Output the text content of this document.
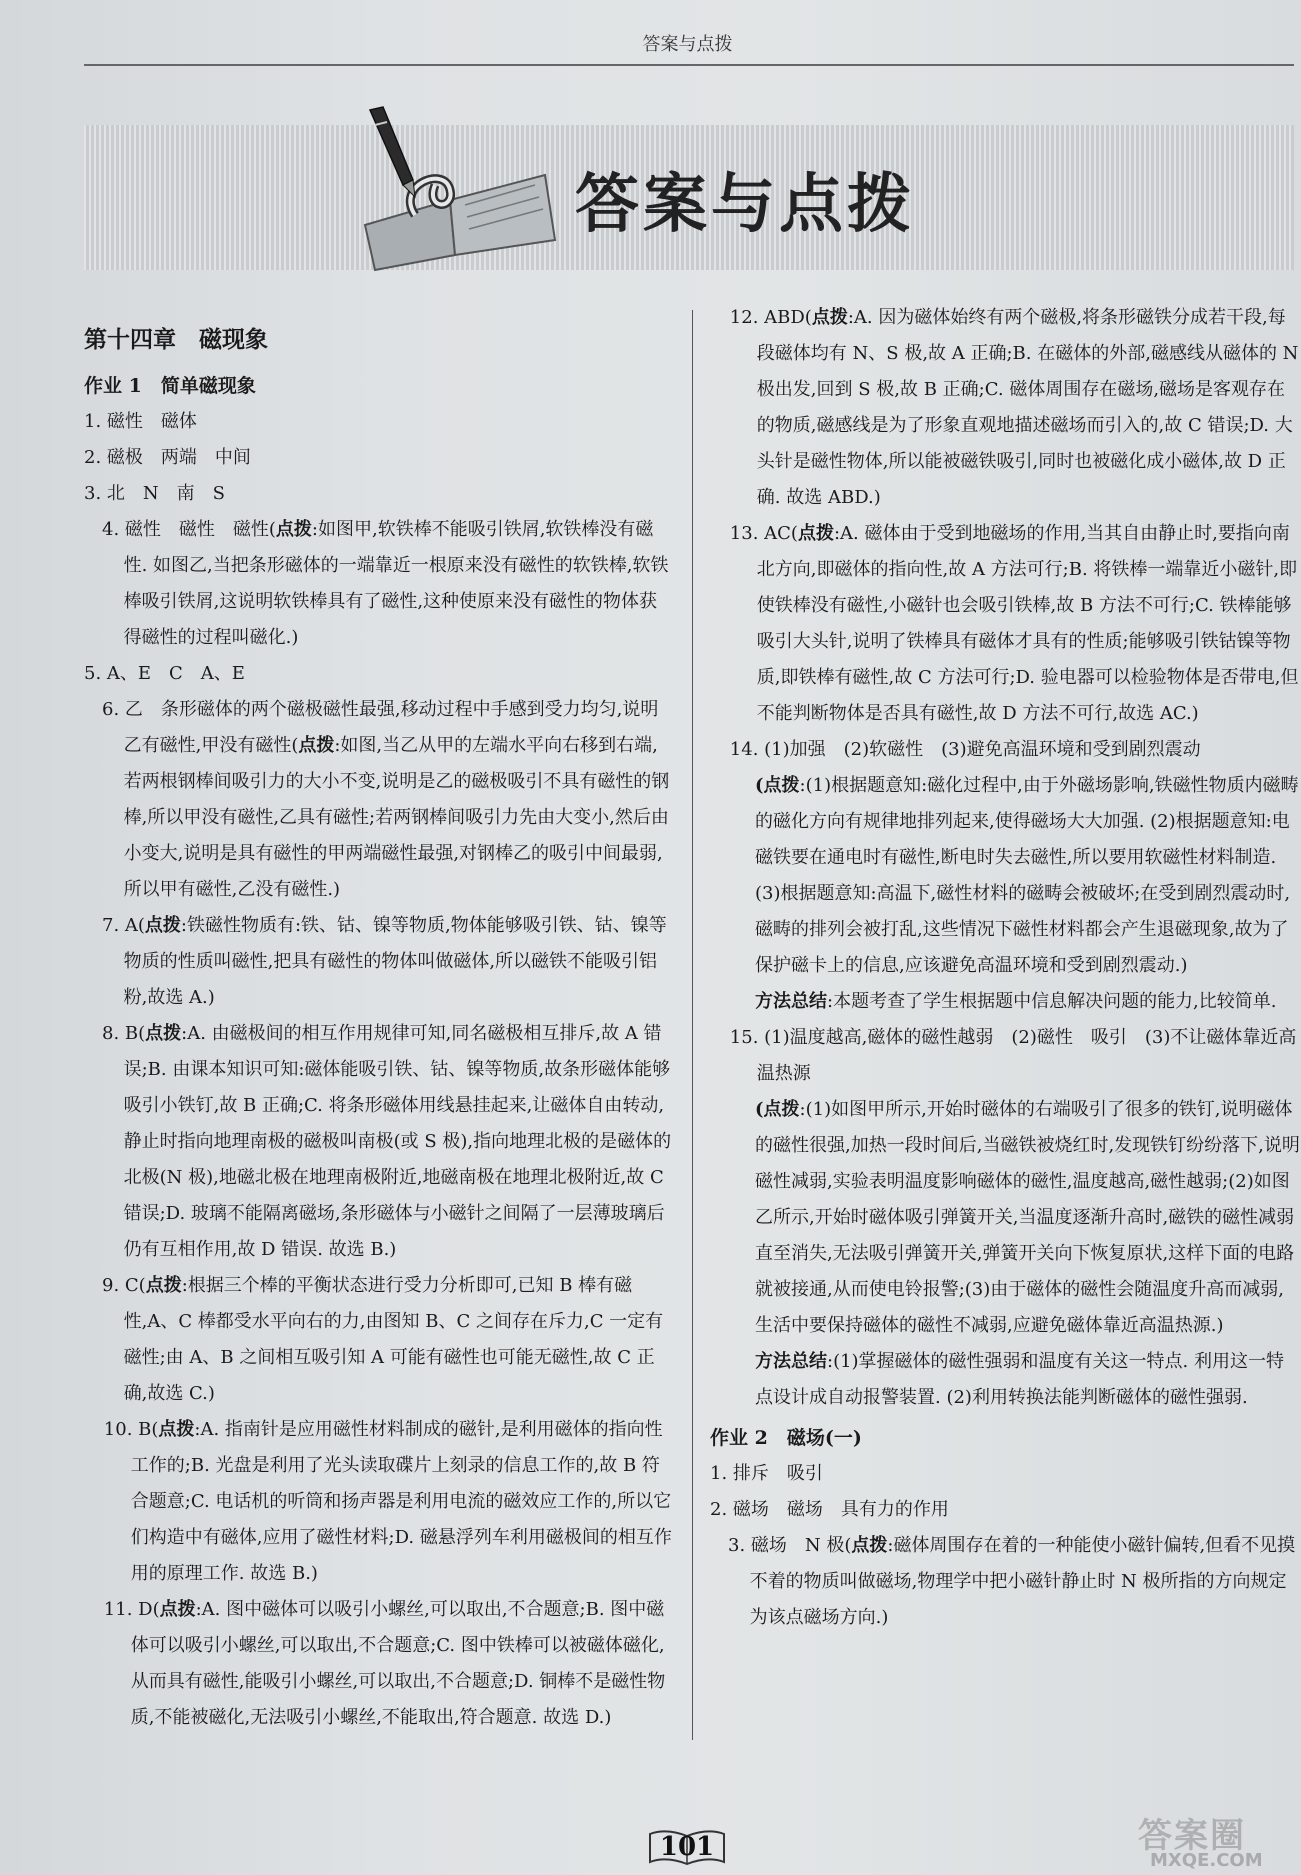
答案与点拨
答案与点拨
第十四章　磁现象
作业 1　简单磁现象
1. 磁性　磁体
2. 磁极　两端　中间
3. 北　N　南　S
4. 磁性　磁性　磁性(点拨:如图甲,软铁棒不能吸引铁屑,软铁棒没有磁性. 如图乙,当把条形磁体的一端靠近一根原来没有磁性的软铁棒,软铁棒吸引铁屑,这说明软铁棒具有了磁性,这种使原来没有磁性的物体获得磁性的过程叫磁化.)
5. A、E　C　A、E
6. 乙　条形磁体的两个磁极磁性最强,移动过程中手感到受力均匀,说明乙有磁性,甲没有磁性(点拨:如图,当乙从甲的左端水平向右移到右端,若两根钢棒间吸引力的大小不变,说明是乙的磁极吸引不具有磁性的钢棒,所以甲没有磁性,乙具有磁性;若两钢棒间吸引力先由大变小,然后由小变大,说明是具有磁性的甲两端磁性最强,对钢棒乙的吸引中间最弱,所以甲有磁性,乙没有磁性.)
7. A(点拨:铁磁性物质有:铁、钴、镍等物质,物体能够吸引铁、钴、镍等物质的性质叫磁性,把具有磁性的物体叫做磁体,所以磁铁不能吸引铝粉,故选 A.)
8. B(点拨:A. 由磁极间的相互作用规律可知,同名磁极相互排斥,故 A 错误;B. 由课本知识可知:磁体能吸引铁、钴、镍等物质,故条形磁体能够吸引小铁钉,故 B 正确;C. 将条形磁体用线悬挂起来,让磁体自由转动,静止时指向地理南极的磁极叫南极(或 S 极),指向地理北极的是磁体的北极(N 极),地磁北极在地理南极附近,地磁南极在地理北极附近,故 C 错误;D. 玻璃不能隔离磁场,条形磁体与小磁针之间隔了一层薄玻璃后仍有互相作用,故 D 错误. 故选 B.)
9. C(点拨:根据三个棒的平衡状态进行受力分析即可,已知 B 棒有磁性,A、C 棒都受水平向右的力,由图知 B、C 之间存在斥力,C 一定有磁性;由 A、B 之间相互吸引知 A 可能有磁性也可能无磁性,故 C 正确,故选 C.)
10. B(点拨:A. 指南针是应用磁性材料制成的磁针,是利用磁体的指向性工作的;B. 光盘是利用了光头读取碟片上刻录的信息工作的,故 B 符合题意;C. 电话机的听筒和扬声器是利用电流的磁效应工作的,所以它们构造中有磁体,应用了磁性材料;D. 磁悬浮列车利用磁极间的相互作用的原理工作. 故选 B.)
11. D(点拨:A. 图中磁体可以吸引小螺丝,可以取出,不合题意;B. 图中磁体可以吸引小螺丝,可以取出,不合题意;C. 图中铁棒可以被磁体磁化,从而具有磁性,能吸引小螺丝,可以取出,不合题意;D. 铜棒不是磁性物质,不能被磁化,无法吸引小螺丝,不能取出,符合题意. 故选 D.)
12. ABD(点拨:A. 因为磁体始终有两个磁极,将条形磁铁分成若干段,每段磁体均有 N、S 极,故 A 正确;B. 在磁体的外部,磁感线从磁体的 N 极出发,回到 S 极,故 B 正确;C. 磁体周围存在磁场,磁场是客观存在的物质,磁感线是为了形象直观地描述磁场而引入的,故 C 错误;D. 大头针是磁性物体,所以能被磁铁吸引,同时也被磁化成小磁体,故 D 正确. 故选 ABD.)
13. AC(点拨:A. 磁体由于受到地磁场的作用,当其自由静止时,要指向南北方向,即磁体的指向性,故 A 方法可行;B. 将铁棒一端靠近小磁针,即使铁棒没有磁性,小磁针也会吸引铁棒,故 B 方法不可行;C. 铁棒能够吸引大头针,说明了铁棒具有磁体才具有的性质;能够吸引铁钴镍等物质,即铁棒有磁性,故 C 方法可行;D. 验电器可以检验物体是否带电,但不能判断物体是否具有磁性,故 D 方法不可行,故选 AC.)
14. (1)加强　(2)软磁性　(3)避免高温环境和受到剧烈震动
(点拨:(1)根据题意知:磁化过程中,由于外磁场影响,铁磁性物质内磁畴的磁化方向有规律地排列起来,使得磁场大大加强. (2)根据题意知:电磁铁要在通电时有磁性,断电时失去磁性,所以要用软磁性材料制造. (3)根据题意知:高温下,磁性材料的磁畴会被破坏;在受到剧烈震动时,磁畴的排列会被打乱,这些情况下磁性材料都会产生退磁现象,故为了保护磁卡上的信息,应该避免高温环境和受到剧烈震动.)
方法总结:本题考查了学生根据题中信息解决问题的能力,比较简单.
15. (1)温度越高,磁体的磁性越弱　(2)磁性　吸引　(3)不让磁体靠近高温热源
(点拨:(1)如图甲所示,开始时磁体的右端吸引了很多的铁钉,说明磁体的磁性很强,加热一段时间后,当磁铁被烧红时,发现铁钉纷纷落下,说明磁性减弱,实验表明温度影响磁体的磁性,温度越高,磁性越弱;(2)如图乙所示,开始时磁体吸引弹簧开关,当温度逐渐升高时,磁铁的磁性减弱直至消失,无法吸引弹簧开关,弹簧开关向下恢复原状,这样下面的电路就被接通,从而使电铃报警;(3)由于磁体的磁性会随温度升高而减弱,生活中要保持磁体的磁性不减弱,应避免磁体靠近高温热源.)
方法总结:(1)掌握磁体的磁性强弱和温度有关这一特点. 利用这一特点设计成自动报警装置. (2)利用转换法能判断磁体的磁性强弱.
作业 2　磁场(一)
1. 排斥　吸引
2. 磁场　磁场　具有力的作用
3. 磁场　N 极(点拨:磁体周围存在着的一种能使小磁针偏转,但看不见摸不着的物质叫做磁场,物理学中把小磁针静止时 N 极所指的方向规定为该点磁场方向.)
101	答案圈
MXQE.COM
